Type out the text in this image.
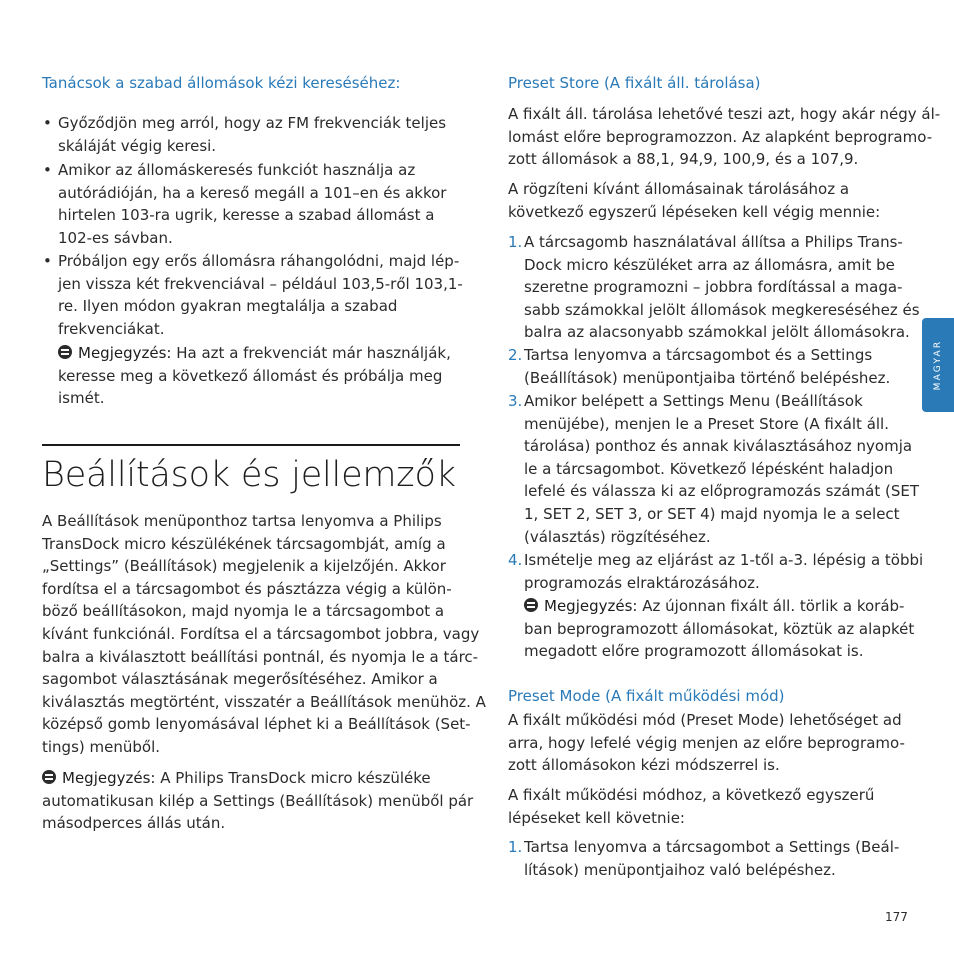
Tanácsok a szabad állomások kézi kereséséhez:
• Győződjön meg arról, hogy az FM frekvenciák teljes
skáláját végig keresi.
• Amikor az állomáskeresés funkciót használja az
autórádióján, ha a kereső megáll a 101–en és akkor
hirtelen 103-ra ugrik, keresse a szabad állomást a
102-es sávban.
• Próbáljon egy erős állomásra ráhangolódni, majd lép-
jen vissza két frekvenciával – például 103,5-ről 103,1-
re. Ilyen módon gyakran megtalálja a szabad
frekvenciákat.
Megjegyzés: Ha azt a frekvenciát már használják,
keresse meg a következő állomást és próbálja meg
ismét.
Beállítások és jellemzők
A Beállítások menüponthoz tartsa lenyomva a Philips
TransDock micro készülékének tárcsagombját, amíg a
„Settings” (Beállítások) megjelenik a kijelzőjén. Akkor
fordítsa el a tárcsagombot és pásztázza végig a külön-
böző beállításokon, majd nyomja le a tárcsagombot a
kívánt funkciónál. Fordítsa el a tárcsagombot jobbra, vagy
balra a kiválasztott beállítási pontnál, és nyomja le a tárc-
sagombot választásának megerősítéséhez. Amikor a
kiválasztás megtörtént, visszatér a Beállítások menühöz. A
középső gomb lenyomásával léphet ki a Beállítások (Set-
tings) menüből.
Megjegyzés: A Philips TransDock micro készüléke
automatikusan kilép a Settings (Beállítások) menüből pár
másodperces állás után.
Preset Store (A fixált áll. tárolása)
A fixált áll. tárolása lehetővé teszi azt, hogy akár négy ál-
lomást előre beprogramozzon. Az alapként beprogramo-
zott állomások a 88,1, 94,9, 100,9, és a 107,9.
A rögzíteni kívánt állomásainak tárolásához a
következő egyszerű lépéseken kell végig mennie:
1. A tárcsagomb használatával állítsa a Philips Trans-
Dock micro készüléket arra az állomásra, amit be
szeretne programozni – jobbra fordítással a maga-
sabb számokkal jelölt állomások megkereséséhez és
balra az alacsonyabb számokkal jelölt állomásokra.
2. Tartsa lenyomva a tárcsagombot és a Settings
(Beállítások) menüpontjaiba történő belépéshez.
3. Amikor belépett a Settings Menu (Beállítások
menüjébe), menjen le a Preset Store (A fixált áll.
tárolása) ponthoz és annak kiválasztásához nyomja
le a tárcsagombot. Következő lépésként haladjon
lefelé és válassza ki az előprogramozás számát (SET
1, SET 2, SET 3, or SET 4) majd nyomja le a select
(választás) rögzítéséhez.
4. Ismételje meg az eljárást az 1-től a-3. lépésig a többi
programozás elraktározásához.
Megjegyzés: Az újonnan fixált áll. törlik a koráb-
ban beprogramozott állomásokat, köztük az alapkét
megadott előre programozott állomásokat is.
Preset Mode (A fixált működési mód)
A fixált működési mód (Preset Mode) lehetőséget ad
arra, hogy lefelé végig menjen az előre beprogramo-
zott állomásokon kézi módszerrel is.
A fixált működési módhoz, a következő egyszerű
lépéseket kell követnie:
1. Tartsa lenyomva a tárcsagombot a Settings (Beál-
lítások) menüpontjaihoz való belépéshez.
MAGYAR
177
